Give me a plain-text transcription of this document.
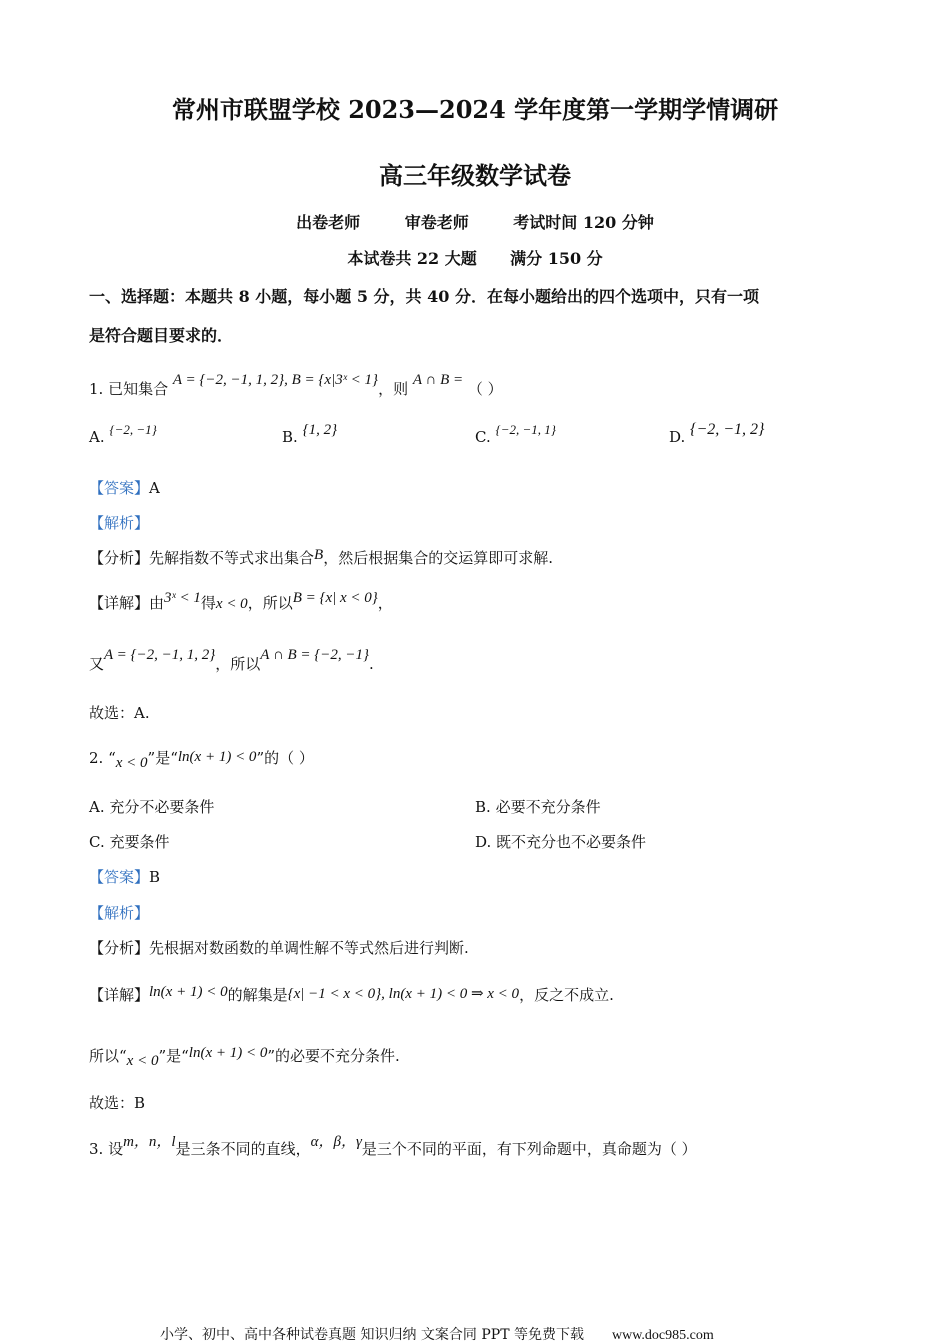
常州市联盟学校 2023—2024 学年度第一学期学情调研
高三年级数学试卷
出卷老师        审卷老师        考试时间 120 分钟
本试卷共 22 大题      满分 150 分
一、选择题：本题共 8 小题，每小题 5 分，共 40 分．在每小题给出的四个选项中，只有一项
是符合题目要求的．
1. 已知集合 A = {−2, −1, 1, 2}, B = {x|3ˣ < 1}，则 A ∩ B = （ ）
A. {−2, −1}	B. {1, 2}	C. {−2, −1, 1}	D. {−2, −1, 2}
【答案】A
【解析】
【分析】先解指数不等式求出集合B，然后根据集合的交运算即可求解.
【详解】由3ˣ < 1得x < 0，所以B = {x| x < 0}，
又A = {−2, −1, 1, 2}，所以A ∩ B = {−2, −1}.
故选：A.
2. “x < 0”是“ln(x + 1) < 0”的（ ）
A. 充分不必要条件	B. 必要不充分条件
C. 充要条件	D. 既不充分也不必要条件
【答案】B
【解析】
【分析】先根据对数函数的单调性解不等式然后进行判断.
【详解】ln(x + 1) < 0的解集是{x| −1 < x < 0}, ln(x + 1) < 0 ⇒ x < 0，反之不成立.
所以“x < 0”是“ln(x + 1) < 0”的必要不充分条件.
故选：B
3. 设m，n，l是三条不同的直线，α，β，γ是三个不同的平面，有下列命题中，真命题为（ ）
小学、初中、高中各种试卷真题 知识归纳 文案合同 PPT 等免费下载 www.doc985.com
